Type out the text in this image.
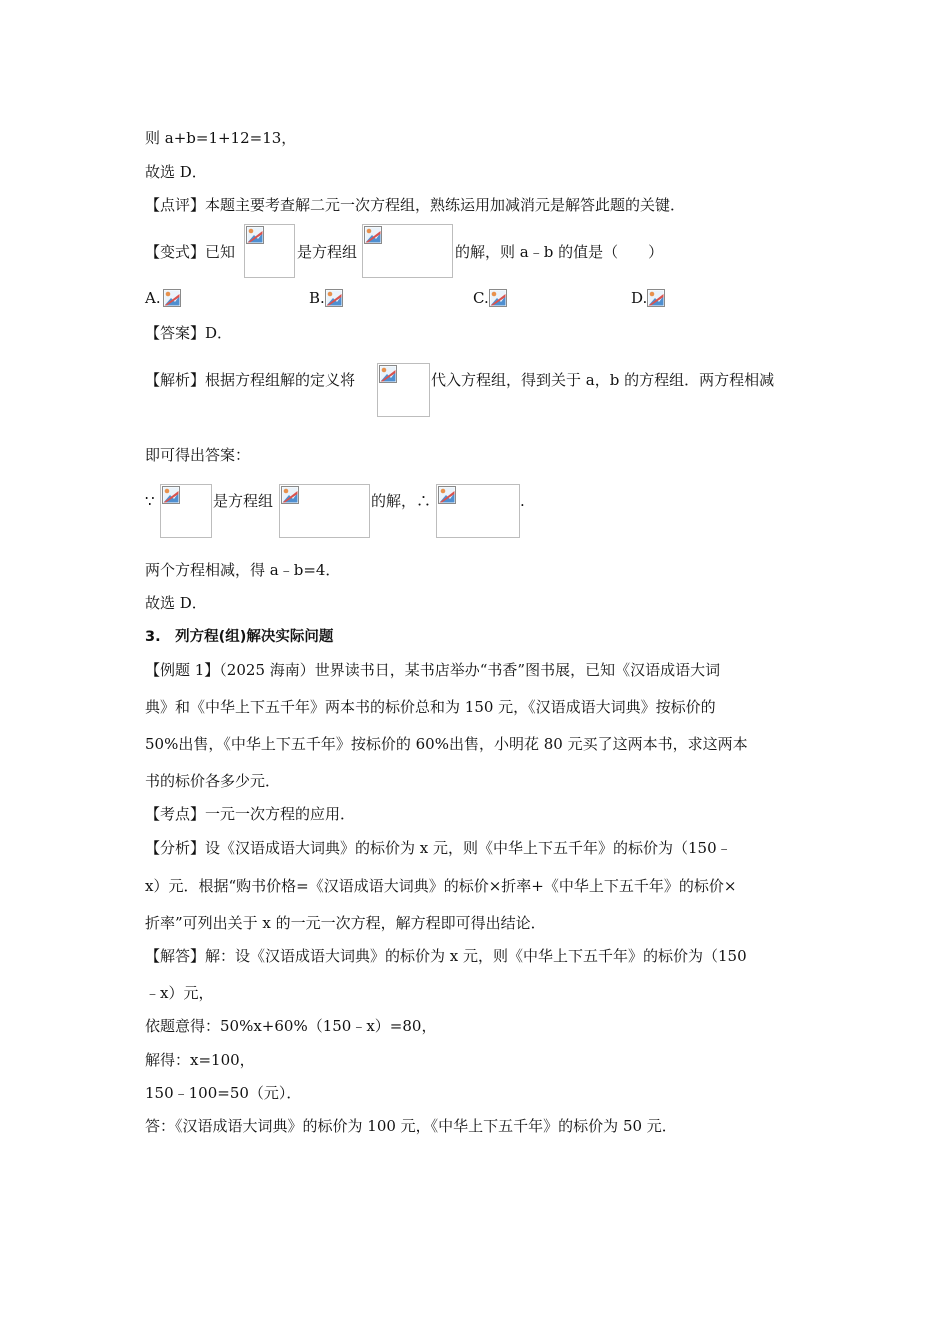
则 a+b=1+12=13，
故选 D．
【点评】本题主要考查解二元一次方程组，熟练运用加减消元是解答此题的关键．
【变式】已知	是方程组	的解，则 a﹣b 的值是（　　）
A.	B.	C.	D.
【答案】D．
【解析】根据方程组解的定义将	代入方程组，得到关于 a，b 的方程组．两方程相减
即可得出答案：
∵	是方程组	的解，∴	.
两个方程相减，得 a﹣b=4．
故选 D．
3.　列方程(组)解决实际问题
【例题 1】（2025 海南）世界读书日，某书店举办“书香”图书展，已知《汉语成语大词
典》和《中华上下五千年》两本书的标价总和为 150 元，《汉语成语大词典》按标价的
50%出售，《中华上下五千年》按标价的 60%出售，小明花 80 元买了这两本书，求这两本
书的标价各多少元．
【考点】一元一次方程的应用．
【分析】设《汉语成语大词典》的标价为 x 元，则《中华上下五千年》的标价为（150﹣
x）元．根据“购书价格=《汉语成语大词典》的标价×折率+《中华上下五千年》的标价×
折率”可列出关于 x 的一元一次方程，解方程即可得出结论．
【解答】解：设《汉语成语大词典》的标价为 x 元，则《中华上下五千年》的标价为（150
﹣x）元，
依题意得：50%x+60%（150﹣x）=80，
解得：x=100，
150﹣100=50（元）．
答：《汉语成语大词典》的标价为 100 元，《中华上下五千年》的标价为 50 元．
